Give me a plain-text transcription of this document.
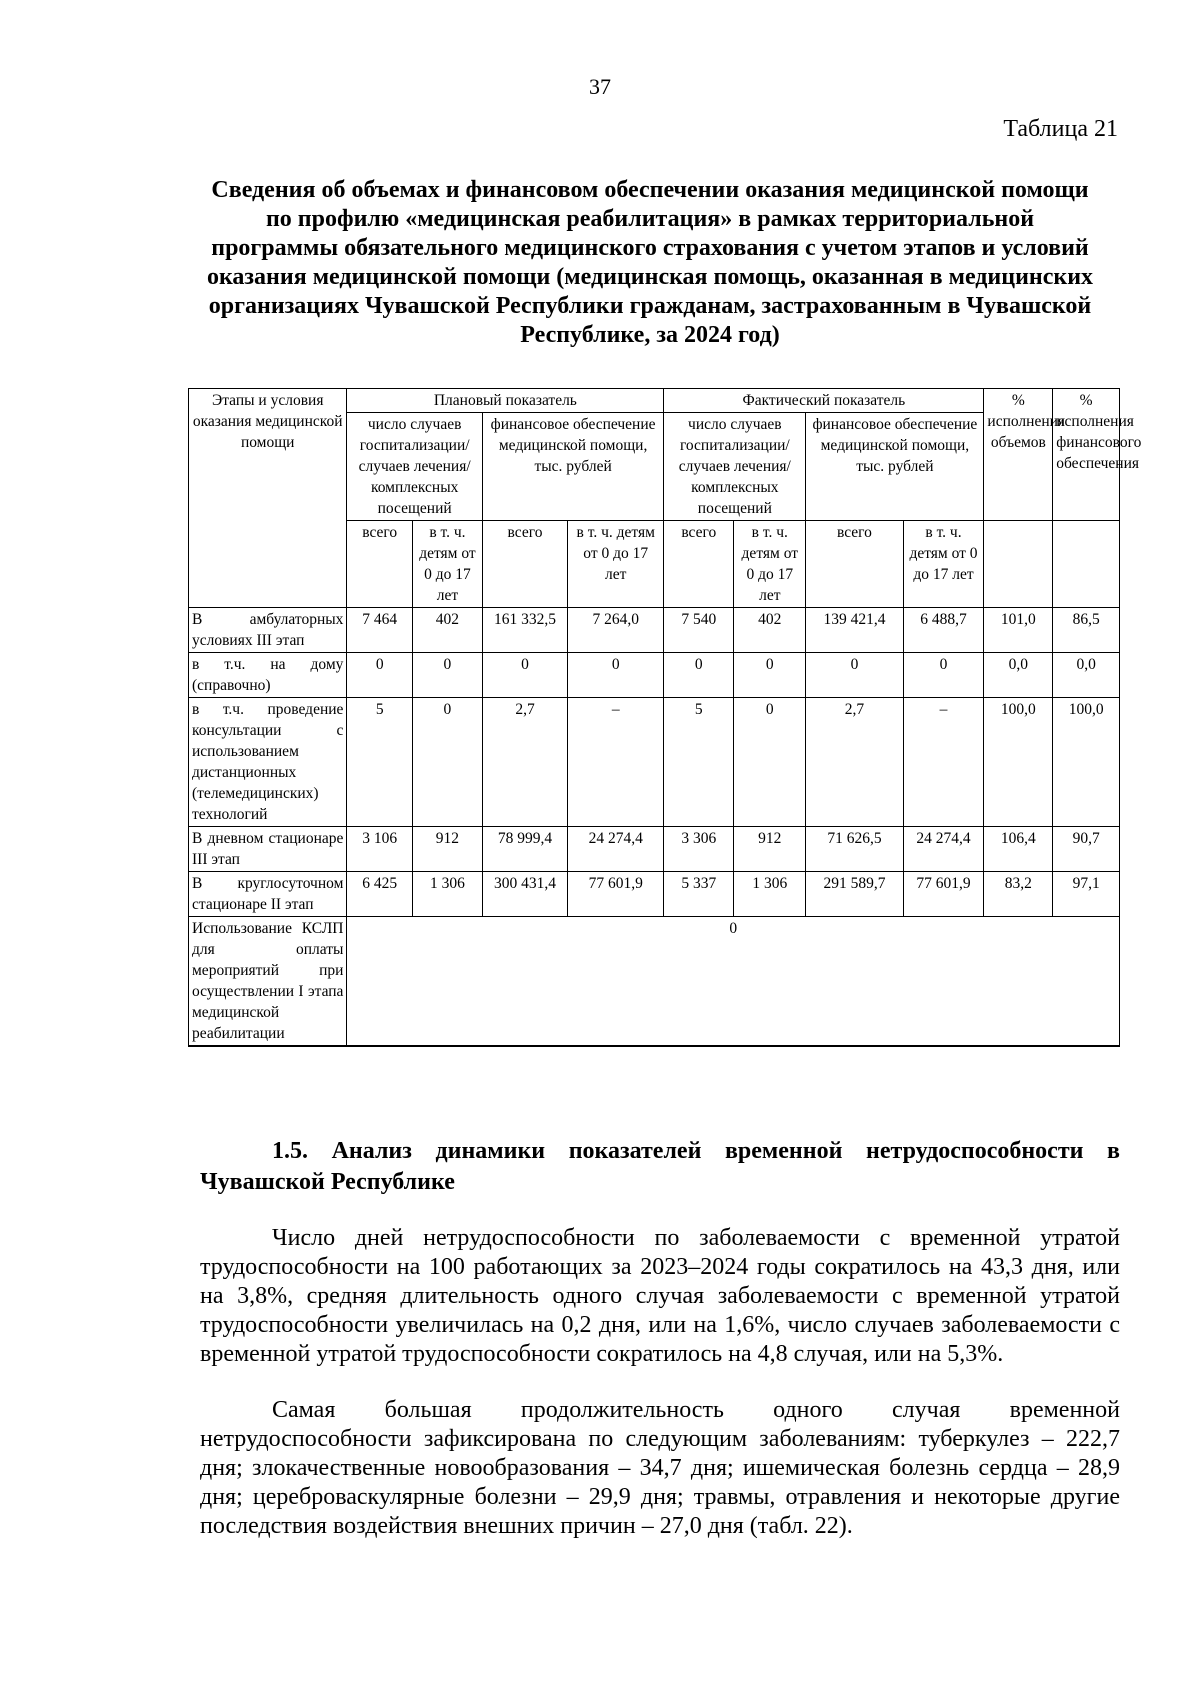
37
Таблица 21
Сведения об объемах и финансовом обеспечении оказания медицинской помощи по профилю «медицинская реабилитация» в рамках территориальной программы обязательного медицинского страхования с учетом этапов и условий оказания медицинской помощи (медицинская помощь, оказанная в медицинских организациях Чувашской Республики гражданам, застрахованным в Чувашской Республике, за 2024 год)
Этапы и условия оказания медицинской помощи	Плановый показатель				Фактический показатель				% исполнения объемов	% исполнения финансового обеспечения
	число случаев госпитализации/случаев лечения/комплексных посещений		финансовое обеспечение медицинской помощи, тыс. рублей		число случаев госпитализации/ случаев лечения/комплексных посещений		финансовое обеспечение медицинской помощи, тыс. рублей			
	всего	в т. ч. детям от 0 до 17 лет	всего	в т. ч. детям от 0 до 17 лет	всего	в т. ч. детям от 0 до 17 лет	всего	в т. ч. детям от 0 до 17 лет		
В амбулаторных условиях III этап	7 464	402	161 332,5	7 264,0	7 540	402	139 421,4	6 488,7	101,0	86,5
в т.ч. на дому (справочно)	0	0	0	0	0	0	0	0	0,0	0,0
в т.ч. проведение консультации с использованием дистанционных (телемедицинских) технологий	5	0	2,7	–	5	0	2,7	–	100,0	100,0
В дневном стационаре III этап	3 106	912	78 999,4	24 274,4	3 306	912	71 626,5	24 274,4	106,4	90,7
В круглосуточном стационаре II этап	6 425	1 306	300 431,4	77 601,9	5 337	1 306	291 589,7	77 601,9	83,2	97,1
Использование КСЛП для оплаты мероприятий при осуществлении I этапа медицинской реабилитации	0									
1.5. Анализ динамики показателей временной нетрудоспособности в Чувашской Республике

Число дней нетрудоспособности по заболеваемости с временной утратой трудоспособности на 100 работающих за 2023–2024 годы сократилось на 43,3 дня, или на 3,8%, средняя длительность одного случая заболеваемости с временной утратой трудоспособности увеличилась на 0,2 дня, или на 1,6%, число случаев заболеваемости с временной утратой трудоспособности сократилось на 4,8 случая, или на 5,3%.

Самая большая продолжительность одного случая временной нетрудоспособности зафиксирована по следующим заболеваниям: туберкулез – 222,7 дня; злокачественные новообразования – 34,7 дня; ишемическая болезнь сердца – 28,9 дня; цереброваскулярные болезни – 29,9 дня; травмы, отравления и некоторые другие последствия воздействия внешних причин – 27,0 дня (табл. 22).
